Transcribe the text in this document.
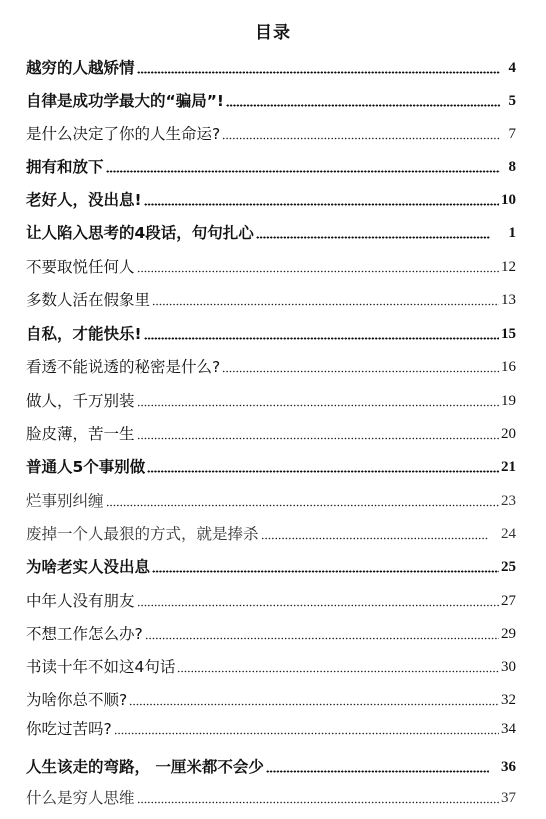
目录
越穷的人越矫情	4
自律是成功学最大的“骗局”!	5
是什么决定了你的人生命运?	7
拥有和放下	8
老好人，没出息!	10
让人陷入思考的4段话，句句扎心	1
不要取悦任何人	12
多数人活在假象里	13
自私，才能快乐!	15
看透不能说透的秘密是什么?	16
做人，千万别装	19
脸皮薄，苦一生	20
普通人5个事别做	21
烂事别纠缠	23
废掉一个人最狠的方式，就是捧杀	24
为啥老实人没出息	25
中年人没有朋友	27
不想工作怎么办?	29
书读十年不如这4句话	30
为啥你总不顺?	32
你吃过苦吗?	34
人生该走的弯路， 一厘米都不会少	36
什么是穷人思维	37
